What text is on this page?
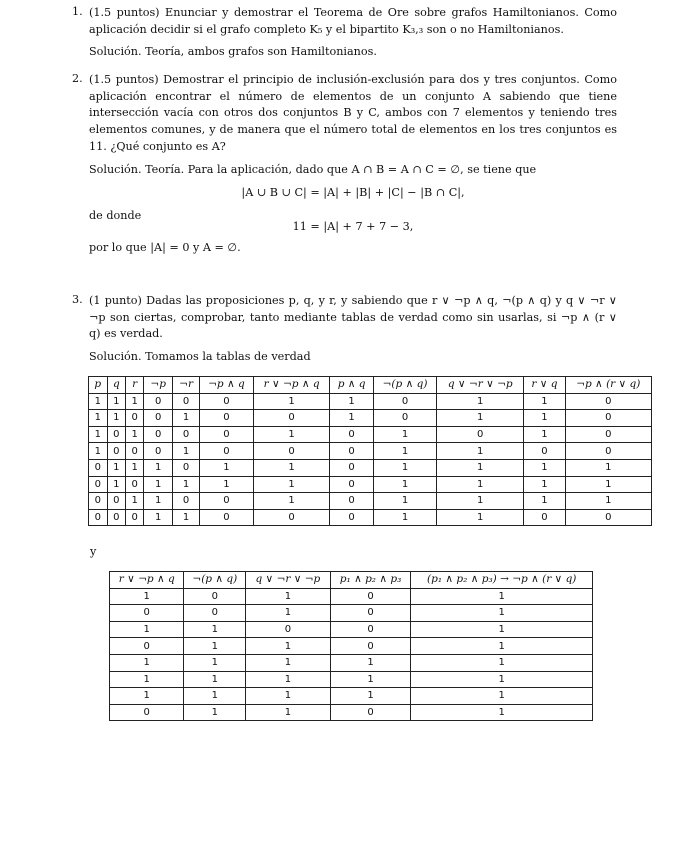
1. (1.5 puntos) Enunciar y demostrar el Teorema de Ore sobre grafos Hamiltonianos. Como aplicación decidir si el grafo completo K₅ y el bipartito K₃,₃ son o no Hamiltonianos.
Solución. Teoría, ambos grafos son Hamiltonianos.
2. (1.5 puntos) Demostrar el principio de inclusión-exclusión para dos y tres conjuntos. Como aplicación encontrar el número de elementos de un conjunto A sabiendo que tiene intersección vacía con otros dos conjuntos B y C, ambos con 7 elementos y teniendo tres elementos comunes, y de manera que el número total de elementos en los tres conjuntos es 11. ¿Qué conjunto es A?
Solución. Teoría. Para la aplicación, dado que A ∩ B = A ∩ C = ∅, se tiene que
|A ∪ B ∪ C| = |A| + |B| + |C| − |B ∩ C|,
de donde
11 = |A| + 7 + 7 − 3,
por lo que |A| = 0 y A = ∅.
3. (1 punto) Dadas las proposiciones p, q, y r, y sabiendo que r ∨ ¬p ∧ q, ¬(p ∧ q) y q ∨ ¬r ∨ ¬p son ciertas, comprobar, tanto mediante tablas de verdad como sin usarlas, si ¬p ∧ (r ∨ q) es verdad.
Solución. Tomamos la tablas de verdad
p	q	r	¬p	¬r	¬p ∧ q	r ∨ ¬p ∧ q	p ∧ q	¬(p ∧ q)	q ∨ ¬r ∨ ¬p	r ∨ q	¬p ∧ (r ∨ q)
1	1	1	0	0	0	1	1	0	1	1	0
1	1	0	0	1	0	0	1	0	1	1	0
1	0	1	0	0	0	1	0	1	0	1	0
1	0	0	0	1	0	0	0	1	1	0	0
0	1	1	1	0	1	1	0	1	1	1	1
0	1	0	1	1	1	1	0	1	1	1	1
0	0	1	1	0	0	1	0	1	1	1	1
0	0	0	1	1	0	0	0	1	1	0	0
y
r ∨ ¬p ∧ q	¬(p ∧ q)	q ∨ ¬r ∨ ¬p	p₁ ∧ p₂ ∧ p₃	(p₁ ∧ p₂ ∧ p₃) → ¬p ∧ (r ∨ q)
1	0	1	0	1
0	0	1	0	1
1	1	0	0	1
0	1	1	0	1
1	1	1	1	1
1	1	1	1	1
1	1	1	1	1
0	1	1	0	1
